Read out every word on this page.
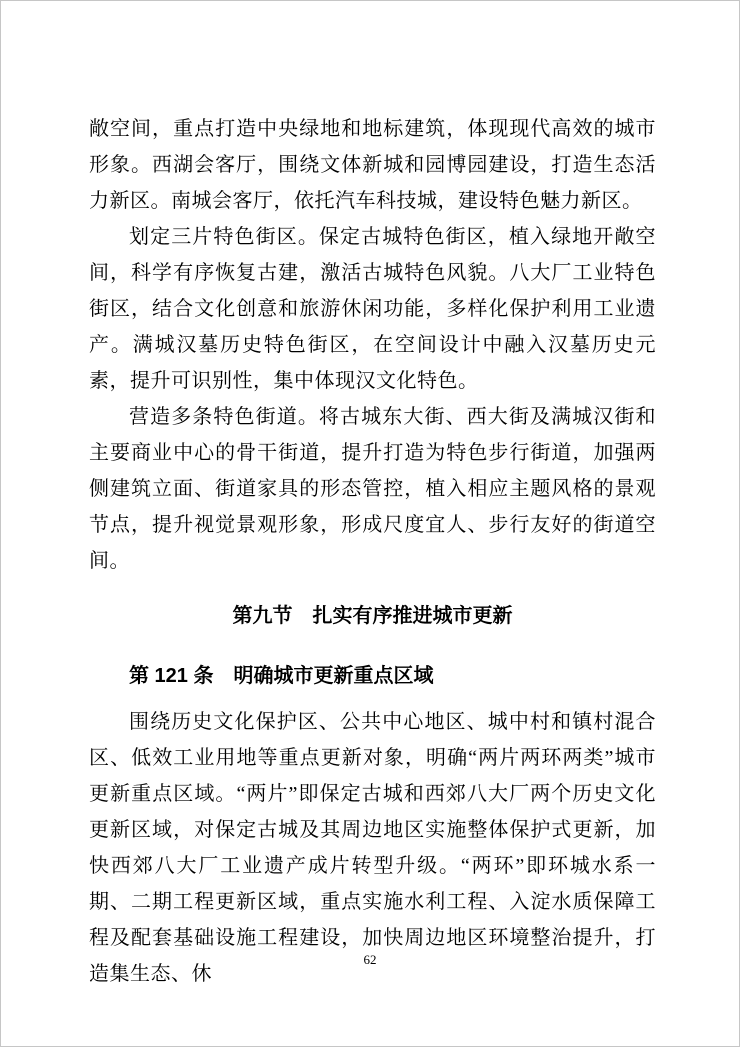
敞空间，重点打造中央绿地和地标建筑，体现现代高效的城市形象。西湖会客厅，围绕文体新城和园博园建设，打造生态活力新区。南城会客厅，依托汽车科技城，建设特色魅力新区。

划定三片特色街区。保定古城特色街区，植入绿地开敞空间，科学有序恢复古建，激活古城特色风貌。八大厂工业特色街区，结合文化创意和旅游休闲功能，多样化保护利用工业遗产。满城汉墓历史特色街区，在空间设计中融入汉墓历史元素，提升可识别性，集中体现汉文化特色。

营造多条特色街道。将古城东大街、西大街及满城汉街和主要商业中心的骨干街道，提升打造为特色步行街道，加强两侧建筑立面、街道家具的形态管控，植入相应主题风格的景观节点，提升视觉景观形象，形成尺度宜人、步行友好的街道空间。

第九节　扎实有序推进城市更新
第 121 条　明确城市更新重点区域

围绕历史文化保护区、公共中心地区、城中村和镇村混合区、低效工业用地等重点更新对象，明确“两片两环两类”城市更新重点区域。“两片”即保定古城和西郊八大厂两个历史文化更新区域，对保定古城及其周边地区实施整体保护式更新，加快西郊八大厂工业遗产成片转型升级。“两环”即环城水系一期、二期工程更新区域，重点实施水利工程、入淀水质保障工程及配套基础设施工程建设，加快周边地区环境整治提升，打造集生态、休

62
